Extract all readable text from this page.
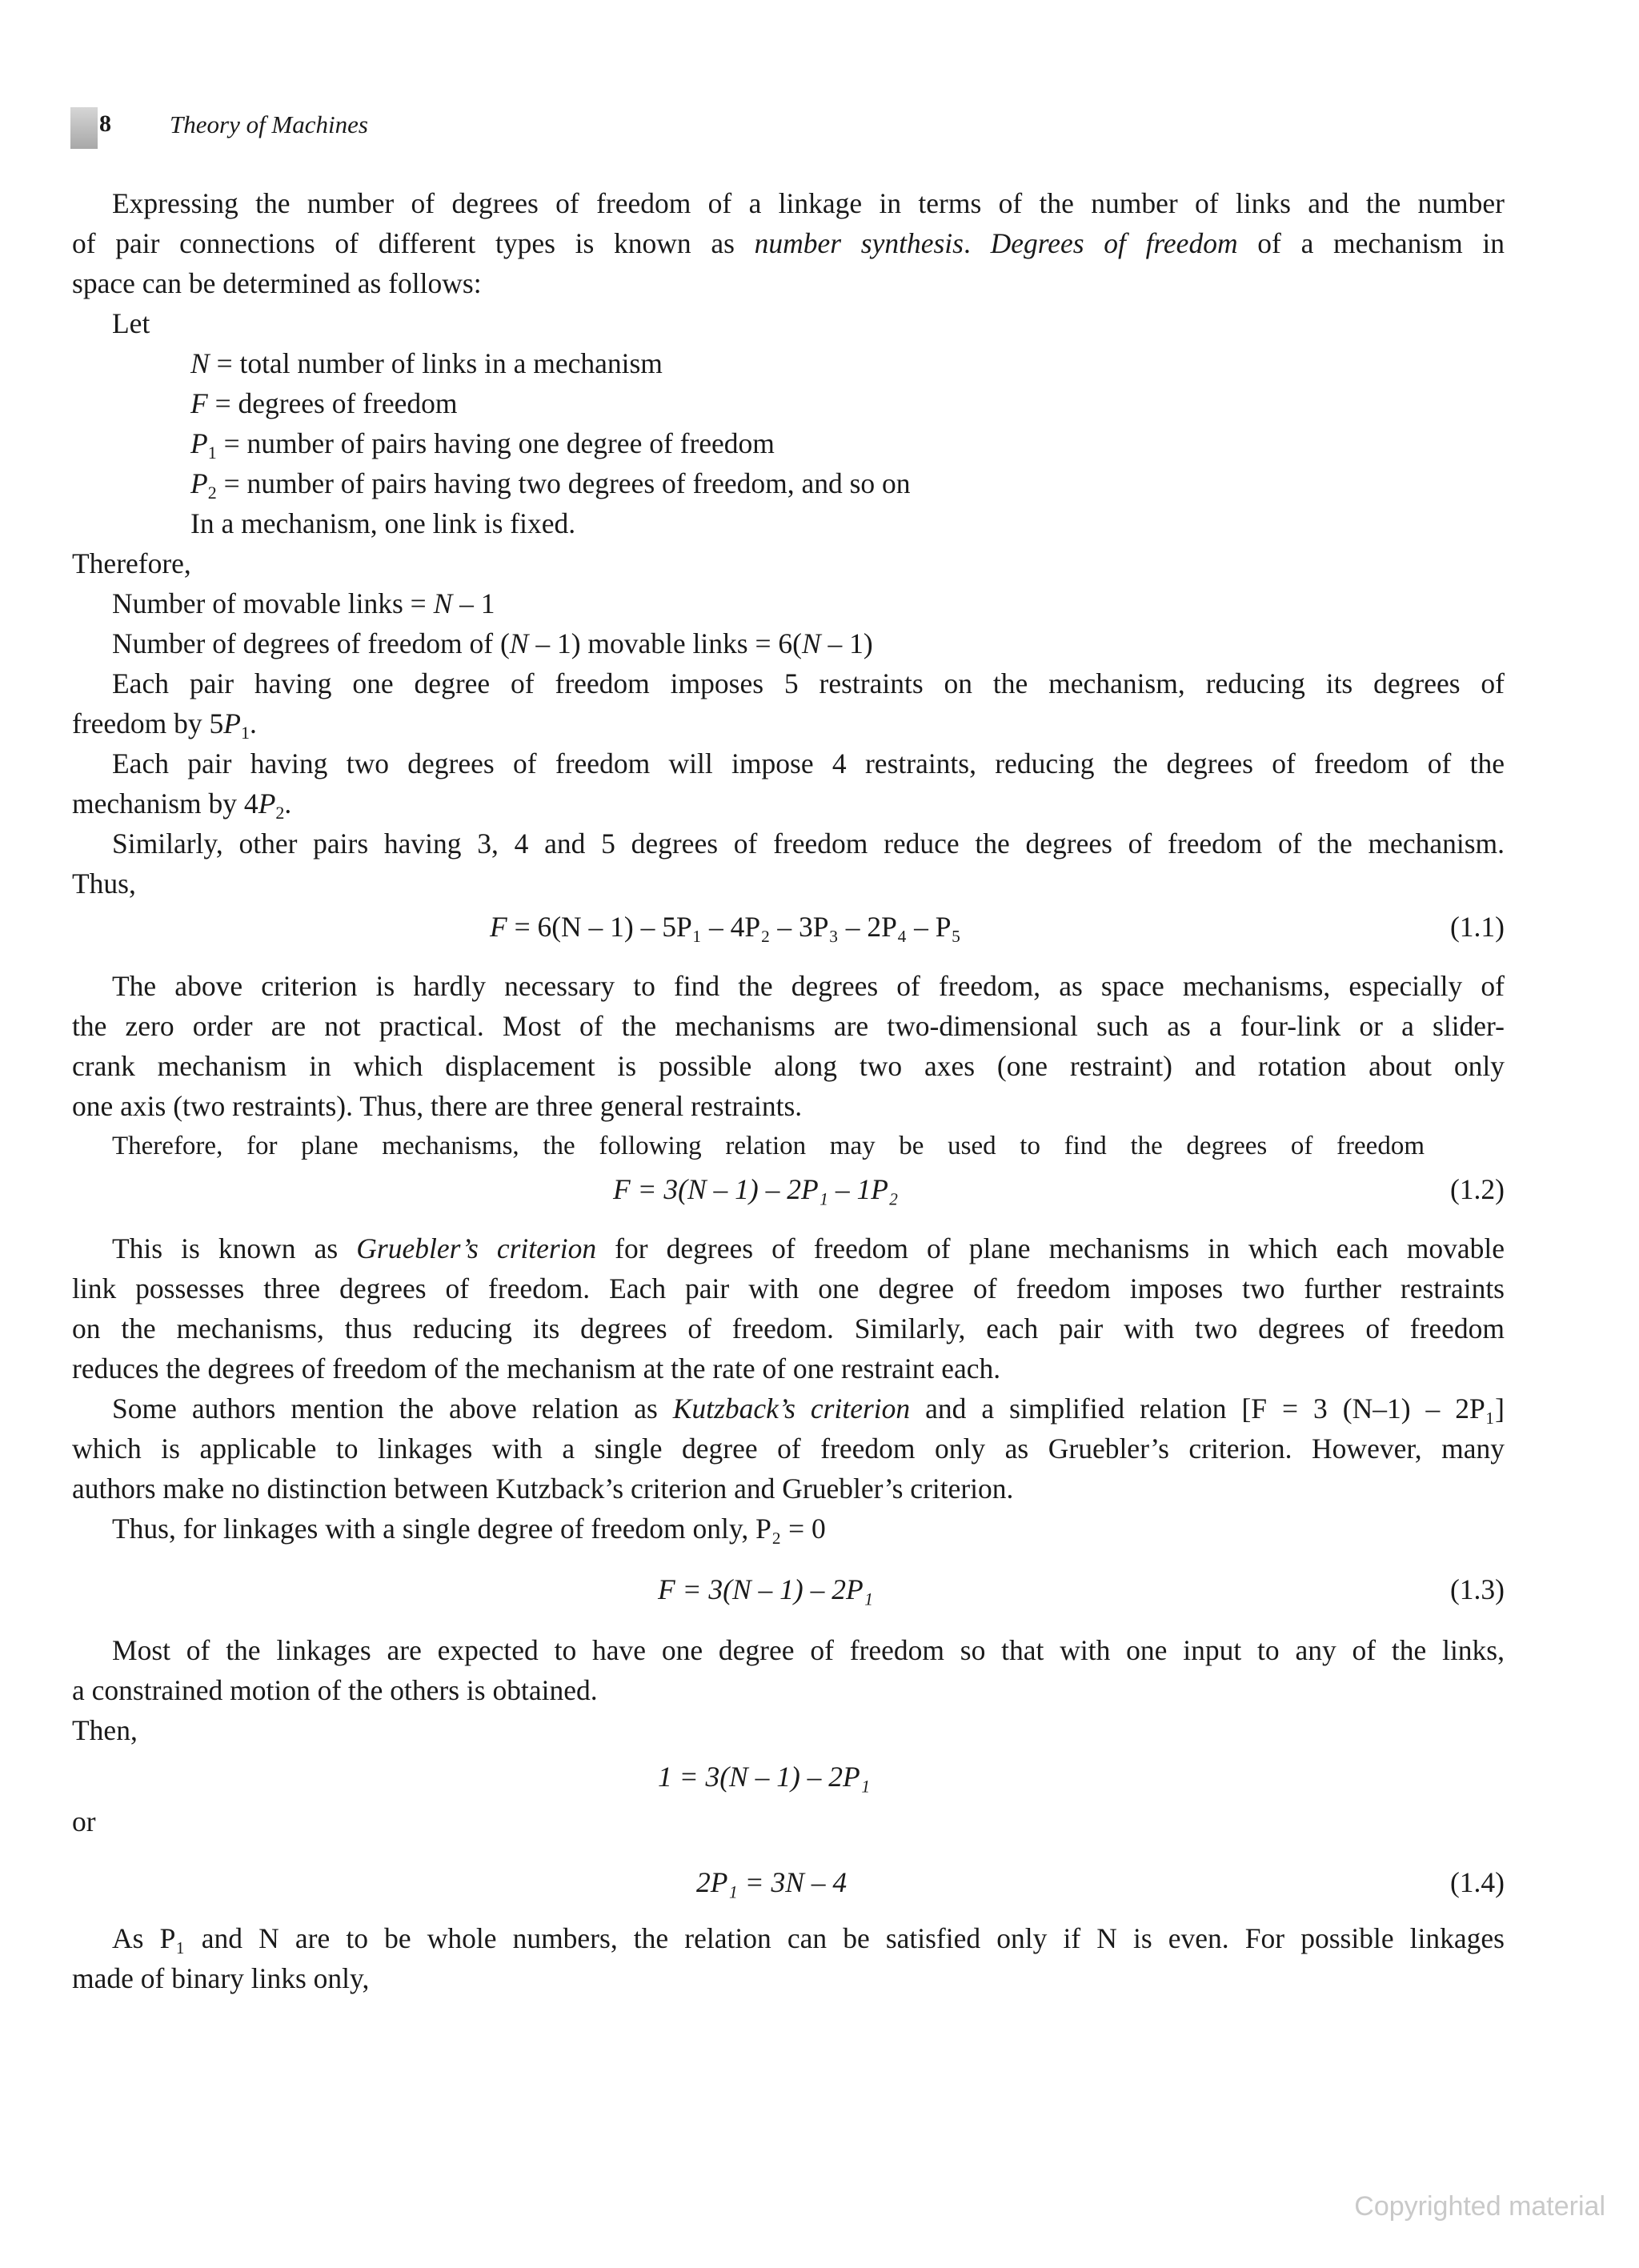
8 Theory of Machines
Expressing the number of degrees of freedom of a linkage in terms of the number of links and the number
of pair connections of different types is known as number synthesis. Degrees of freedom of a mechanism in
space can be determined as follows:
Let
N = total number of links in a mechanism
F = degrees of freedom
$P_1$ = number of pairs having one degree of freedom
$P_2$ = number of pairs having two degrees of freedom, and so on
In a mechanism, one link is fixed.
Therefore,
Number of movable links = N – 1
Number of degrees of freedom of (N – 1) movable links = 6(N – 1)
Each pair having one degree of freedom imposes 5 restraints on the mechanism, reducing its degrees of
freedom by $5P_1$.
Each pair having two degrees of freedom will impose 4 restraints, reducing the degrees of freedom of the
mechanism by $4P_2$.
Similarly, other pairs having 3, 4 and 5 degrees of freedom reduce the degrees of freedom of the mechanism.
Thus,
F = 6(N – 1) – 5P₁ – 4P₂ – 3P₃ – 2P₄ – P₅	(1.1)
The above criterion is hardly necessary to find the degrees of freedom, as space mechanisms, especially of
the zero order are not practical. Most of the mechanisms are two-dimensional such as a four-link or a slider-
crank mechanism in which displacement is possible along two axes (one restraint) and rotation about only
one axis (two restraints). Thus, there are three general restraints.
Therefore, for plane mechanisms, the following relation may be used to find the degrees of freedom
F = 3(N – 1) – 2P₁ – 1P₂	(1.2)
This is known as Gruebler’s criterion for degrees of freedom of plane mechanisms in which each movable
link possesses three degrees of freedom. Each pair with one degree of freedom imposes two further restraints
on the mechanisms, thus reducing its degrees of freedom. Similarly, each pair with two degrees of freedom
reduces the degrees of freedom of the mechanism at the rate of one restraint each.
Some authors mention the above relation as Kutzback’s criterion and a simplified relation [F = 3 (N–1) – 2P₁]
which is applicable to linkages with a single degree of freedom only as Gruebler’s criterion. However, many
authors make no distinction between Kutzback’s criterion and Gruebler’s criterion.
Thus, for linkages with a single degree of freedom only, P₂ = 0
F = 3(N – 1) – 2P₁	(1.3)
Most of the linkages are expected to have one degree of freedom so that with one input to any of the links,
a constrained motion of the others is obtained.
Then,
1 = 3(N – 1) – 2P₁
or
2P₁ = 3N – 4	(1.4)
As P₁ and N are to be whole numbers, the relation can be satisfied only if N is even. For possible linkages
made of binary links only,
Copyrighted material
